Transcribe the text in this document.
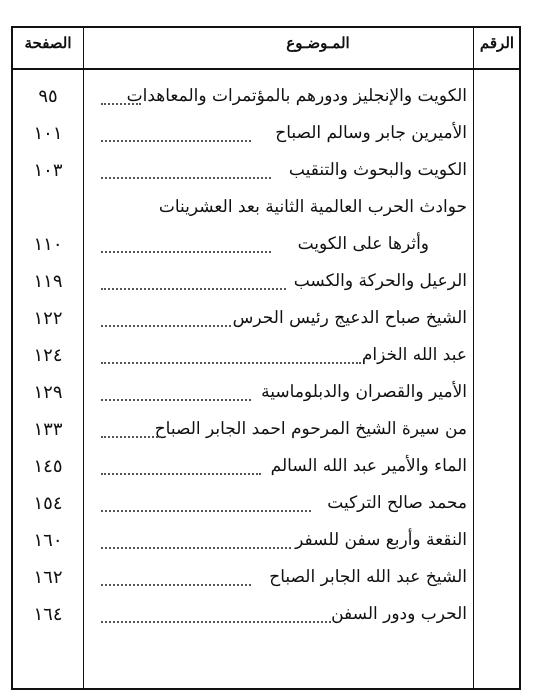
الصفحة	المـوضـوع	الرقم
الكويت والإنجليز ودورهم بالمؤتمرات والمعاهدات
٩٥
الأميرين جابر وسالم الصباح
١٠١
الكويت والبحوث والتنقيب
١٠٣
حوادث الحرب العالمية الثانية بعد العشرينات
وأثرها على الكويت
١١٠
الرعيل والحركة والكسب
١١٩
الشيخ صباح الدعيج رئيس الحرس
١٢٢
عبد الله الخزام
١٢٤
الأمير والقصران والدبلوماسية
١٢٩
من سيرة الشيخ المرحوم احمد الجابر الصباح
١٣٣
الماء والأمير عبد الله السالم
١٤٥
محمد صالح التركيت
١٥٤
النقعة وأربع سفن للسفر
١٦٠
الشيخ عبد الله الجابر الصباح
١٦٢
الحرب ودور السفن
١٦٤
